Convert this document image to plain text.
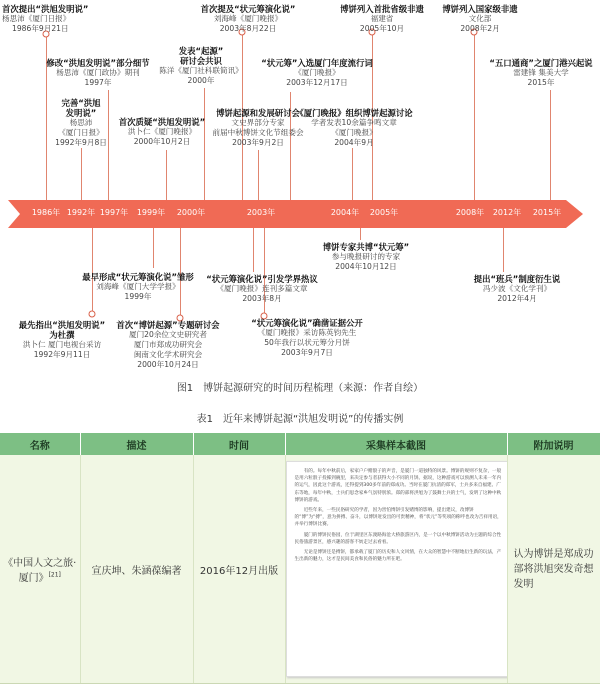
1986年 1992年 1997年 1999年 2000年	2003年	2004年 2005年	2008年 2012年 2015年
首次提出“洪旭发明说”
杨思沛《厦门日报》
1986年9月21日
修改“洪旭发明说”部分细节
杨思沛《厦门政协》期刊
1997年
完善“洪旭
发明说”
杨思沛
《厦门日报》
1992年9月8日
首次质疑“洪旭发明说”
洪卜仁《厦门晚报》
2000年10月2日
发表“起源”
研讨会共识
陈洋《厦门社科联简讯》
2000年
首次提及“状元筹演化说”
刘海峰《厦门晚报》
2003年8月22日
博饼起源和发展研讨会
文史界部分专家
前届中秋博饼文化节组委会
2003年9月2日
“状元筹”入选厦门年度流行词
《厦门晚报》
2003年12月17日
《厦门晚报》组织博饼起源讨论
学者发表10余篇争鸣文章
《厦门晚报》
2004年9月
博饼列入首批省级非遗
福建省
2005年10月
博饼列入国家级非遗
文化部
2008年2月
“五口通商”之厦门港兴起说
雷建锋 集美大学
2015年
最早形成“状元筹演化说”雏形
刘海峰《厦门大学学报》
1999年
最先指出“洪旭发明说”
为杜撰
洪卜仁 厦门电视台采访
1992年9月11日
首次“博饼起源”专题研讨会
厦门20余位文史研究者
厦门市郑成功研究会
闽南文化学术研究会
2000年10月24日
“状元筹演化说”引发学界热议
《厦门晚报》连刊多篇文章
2003年8月
“状元筹演化说”确凿证据公开
《厦门晚报》采访陈英钧先生
50年我行以状元筹分月饼
2003年9月7日
博饼专家共博“状元筹”
参与晚报研讨的专家
2004年10月12日
提出“班兵”制度衍生说
冯少波《文化学刊》
2012年4月
图1　博饼起源研究的时间历程梳理（来源：作者自绘）
表1　近年来博饼起源“洪旭发明说”的传播实例
名称	描述	时间	采集样本截图	附加说明
《中国人文之旅·厦门》[21]	宣庆坤、朱涵葆编著	2016年12月出版	有的。每年中秋前后，家家户户赌骰子的声音，是厦门一道独特的风景。博饼的规则不复杂，一般是用六粒骰子投掷到碗里，来决定参与者获得大小不同的月饼。据说，这种游戏可以预测人未来一年内的运气，因此这个游戏，还得提到300多年前的郑成功。当时在厦门抗清的郑军，士兵多来自福建、广东等地，每年中秋，士兵们思念家乡气氛特别浓。郑的部将洪旭为了鼓舞士兵的士气，发明了这种中秋博饼的游戏。

近些年来，一些民俗研究的学者，因为害怕博饼引发赌博的影响，提出建议，改博饼的“博”为“搏”，意为拼搏、奋斗，以博饼迸发出的可贵精神，将“状元”等奖项的称呼也改为吉祥用语，并举行博饼比赛。

厦门的博饼民俗园，位于湖里区东渡路海沧大桥旅游区内，是一个以中秋博饼活动为主题的综合性民俗旅游景区，感兴趣的游客不妨走过去看看。

无论是博饼还是搏饼，都承载了厦门的历史和人文风情，在大众的智慧中不断地衍生新的玩法，产生出新的魅力，这才是民间美食和民俗的魅力所在吧。	认为博饼是郑成功部将洪旭突发奇想发明
